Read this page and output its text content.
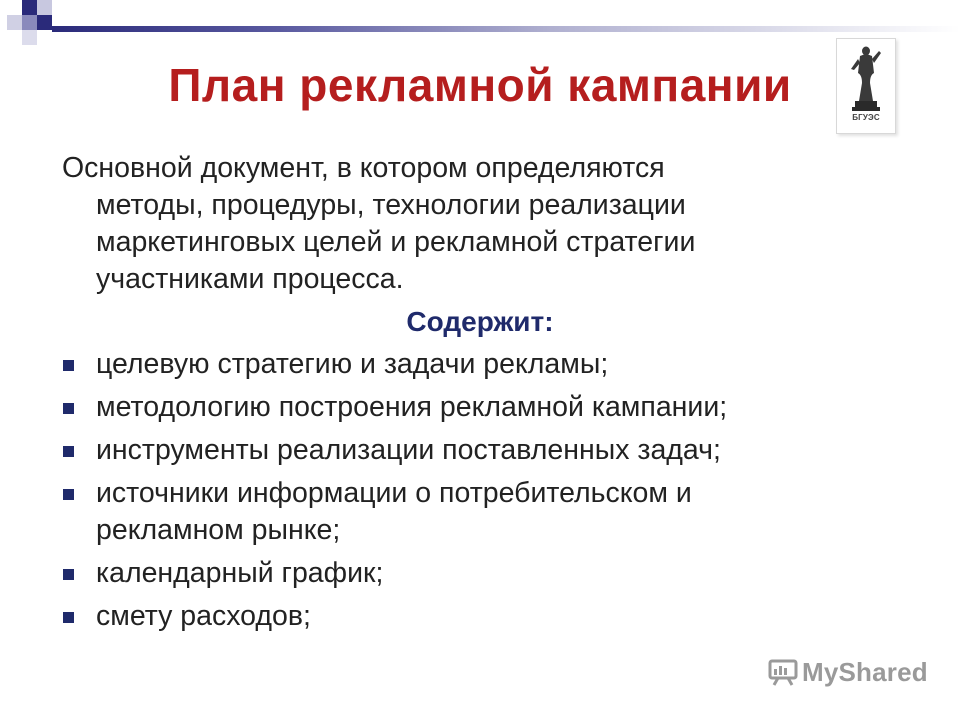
БГУЭС
План рекламной кампании
Основной документ, в котором определяются
методы, процедуры, технологии реализации
маркетинговых целей и рекламной стратегии
участниками процесса.
Содержит:
целевую стратегию и задачи рекламы;
методологию построения рекламной кампании;
инструменты реализации поставленных задач;
источники информации о потребительском и
рекламном рынке;
календарный график;
смету расходов;
MyShared
